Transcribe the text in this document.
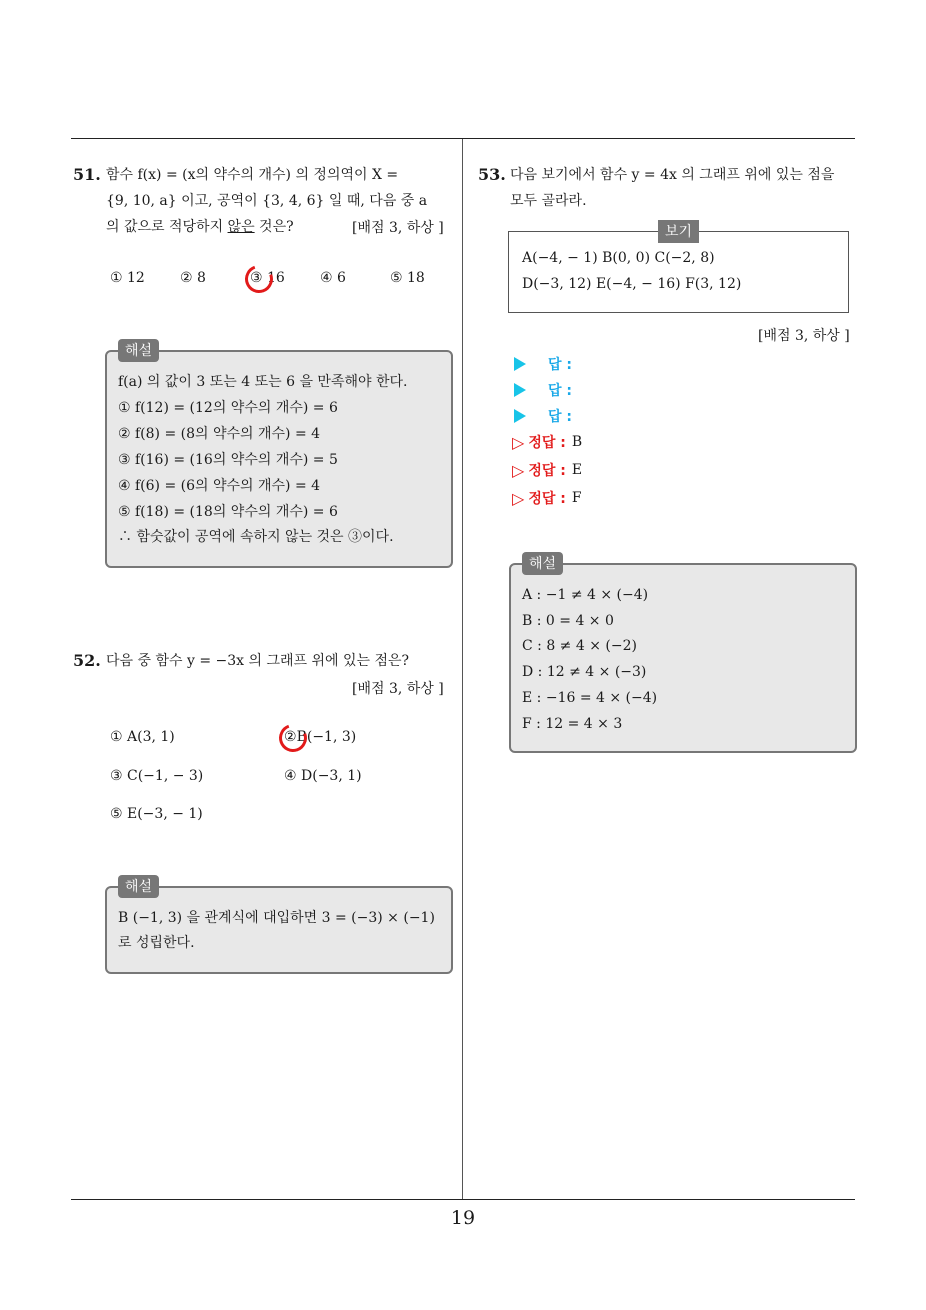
19
51. 함수 f(x) = (x의 약수의 개수) 의 정의역이 X =
{9, 10, a} 이고, 공역이 {3, 4, 6} 일 때, 다음 중 a
의 값으로 적당하지 않은 것은?	[배점 3, 하상 ]
① 12	② 8	③ 16	④ 6	⑤ 18
해설
f(a) 의 값이 3 또는 4 또는 6 을 만족해야 한다.
① f(12) = (12의 약수의 개수) = 6
② f(8) = (8의 약수의 개수) = 4
③ f(16) = (16의 약수의 개수) = 5
④ f(6) = (6의 약수의 개수) = 4
⑤ f(18) = (18의 약수의 개수) = 6
∴ 함숫값이 공역에 속하지 않는 것은 ③이다.
52. 다음 중 함수 y = −3x 의 그래프 위에 있는 점은?
[배점 3, 하상 ]
① A(3, 1)	②B(−1, 3)
③ C(−1, − 3)	④ D(−3, 1)
⑤ E(−3, − 1)
해설
B (−1, 3) 을 관계식에 대입하면 3 = (−3) × (−1)
로 성립한다.
53. 다음 보기에서 함수 y = 4x 의 그래프 위에 있는 점을
모두 골라라.
보기
A(−4, − 1) B(0, 0) C(−2, 8)
D(−3, 12) E(−4, − 16) F(3, 12)
[배점 3, 하상 ]
답 :
답 :
답 :
▷ 정답 : B
▷ 정답 : E
▷ 정답 : F
해설
A : −1 ≠ 4 × (−4)
B : 0 = 4 × 0
C : 8 ≠ 4 × (−2)
D : 12 ≠ 4 × (−3)
E : −16 = 4 × (−4)
F : 12 = 4 × 3
